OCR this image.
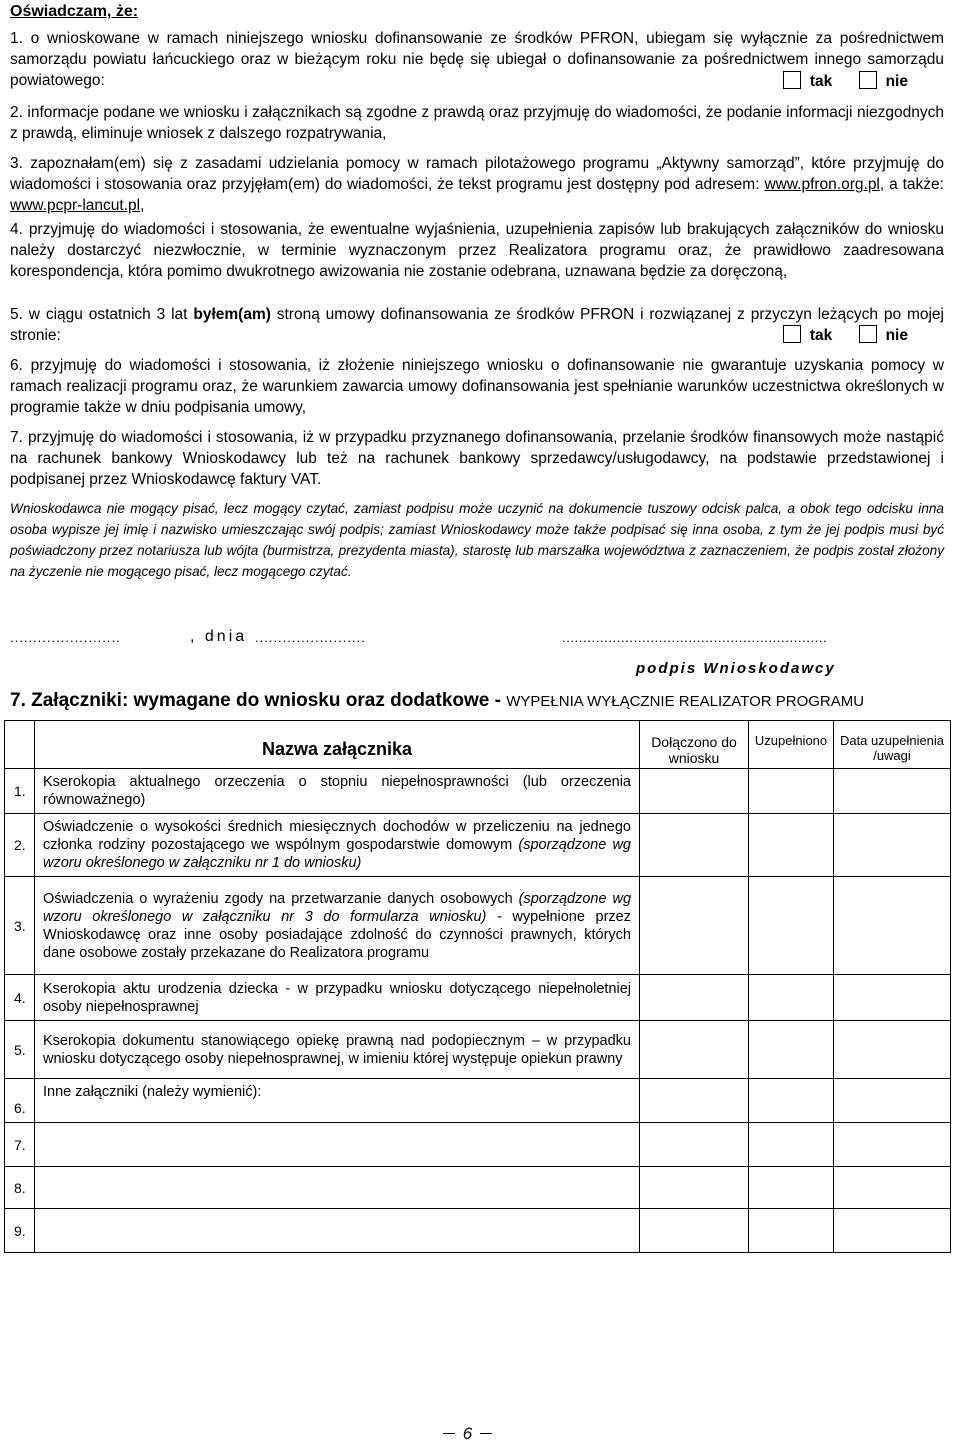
Oświadczam, że:
1. o wnioskowane w ramach niniejszego wniosku dofinansowanie ze środków PFRON, ubiegam się wyłącznie za pośrednictwem samorządu powiatu łańcuckiego oraz w bieżącym roku nie będę się ubiegał o dofinansowanie za pośrednictwem innego samorządu powiatowego:	tak	nie
2. informacje podane we wniosku i załącznikach są zgodne z prawdą oraz przyjmuję do wiadomości, że podanie informacji niezgodnych z prawdą, eliminuje wniosek z dalszego rozpatrywania,
3. zapoznałam(em) się z zasadami udzielania pomocy w ramach pilotażowego programu „Aktywny samorząd”, które przyjmuję do wiadomości i stosowania oraz przyjęłam(em) do wiadomości, że tekst programu jest dostępny pod adresem: www.pfron.org.pl, a także: www.pcpr-lancut.pl,
4. przyjmuję do wiadomości i stosowania, że ewentualne wyjaśnienia, uzupełnienia zapisów lub brakujących załączników do wniosku należy dostarczyć niezwłocznie, w terminie wyznaczonym przez Realizatora programu oraz, że prawidłowo zaadresowana korespondencja, która pomimo dwukrotnego awizowania nie zostanie odebrana, uznawana będzie za doręczoną,
5. w ciągu ostatnich 3 lat byłem(am) stroną umowy dofinansowania ze środków PFRON i rozwiązanej z przyczyn leżących po mojej stronie:	tak	nie
6. przyjmuję do wiadomości i stosowania, iż złożenie niniejszego wniosku o dofinansowanie nie gwarantuje uzyskania pomocy w ramach realizacji programu oraz, że warunkiem zawarcia umowy dofinansowania jest spełnianie warunków uczestnictwa określonych w programie także w dniu podpisania umowy,
7. przyjmuję do wiadomości i stosowania, iż w przypadku przyznanego dofinansowania, przelanie środków finansowych może nastąpić na rachunek bankowy Wnioskodawcy lub też na rachunek bankowy sprzedawcy/usługodawcy, na podstawie przedstawionej i podpisanej przez Wnioskodawcę faktury VAT.
Wnioskodawca nie mogący pisać, lecz mogący czytać, zamiast podpisu może uczynić na dokumencie tuszowy odcisk palca, a obok tego odcisku inna osoba wypisze jej imię i nazwisko umieszczając swój podpis; zamiast Wnioskodawcy może także podpisać się inna osoba, z tym że jej podpis musi być poświadczony przez notariusza lub wójta (burmistrza, prezydenta miasta), starostę lub marszałka województwa z zaznaczeniem, że podpis został złożony na życzenie nie mogącego pisać, lecz mogącego czytać.
........................	, dnia ........................	...............................................................
podpis Wnioskodawcy
7. Załączniki: wymagane do wniosku oraz dodatkowe - WYPEŁNIA WYŁĄCZNIE REALIZATOR PROGRAMU
	Nazwa załącznika	Dołączono do wniosku	Uzupełniono	Data uzupełnienia /uwagi
1.	Kserokopia aktualnego orzeczenia o stopniu niepełnosprawności (lub orzeczenia równoważnego)			
2.	Oświadczenie o wysokości średnich miesięcznych dochodów w przeliczeniu na jednego członka rodziny pozostającego we wspólnym gospodarstwie domowym (sporządzone wg wzoru określonego w załączniku nr 1 do wniosku)			
3.	Oświadczenia o wyrażeniu zgody na przetwarzanie danych osobowych (sporządzone wg wzoru określonego w załączniku nr 3 do formularza wniosku) - wypełnione przez Wnioskodawcę oraz inne osoby posiadające zdolność do czynności prawnych, których dane osobowe zostały przekazane do Realizatora programu			
4.	Kserokopia aktu urodzenia dziecka - w przypadku wniosku dotyczącego niepełnoletniej osoby niepełnosprawnej			
5.	Kserokopia dokumentu stanowiącego opiekę prawną nad podopiecznym – w przypadku wniosku dotyczącego osoby niepełnosprawnej, w imieniu której występuje opiekun prawny			
6.	Inne załączniki (należy wymienić):			
7.				
8.				
9.				
6
